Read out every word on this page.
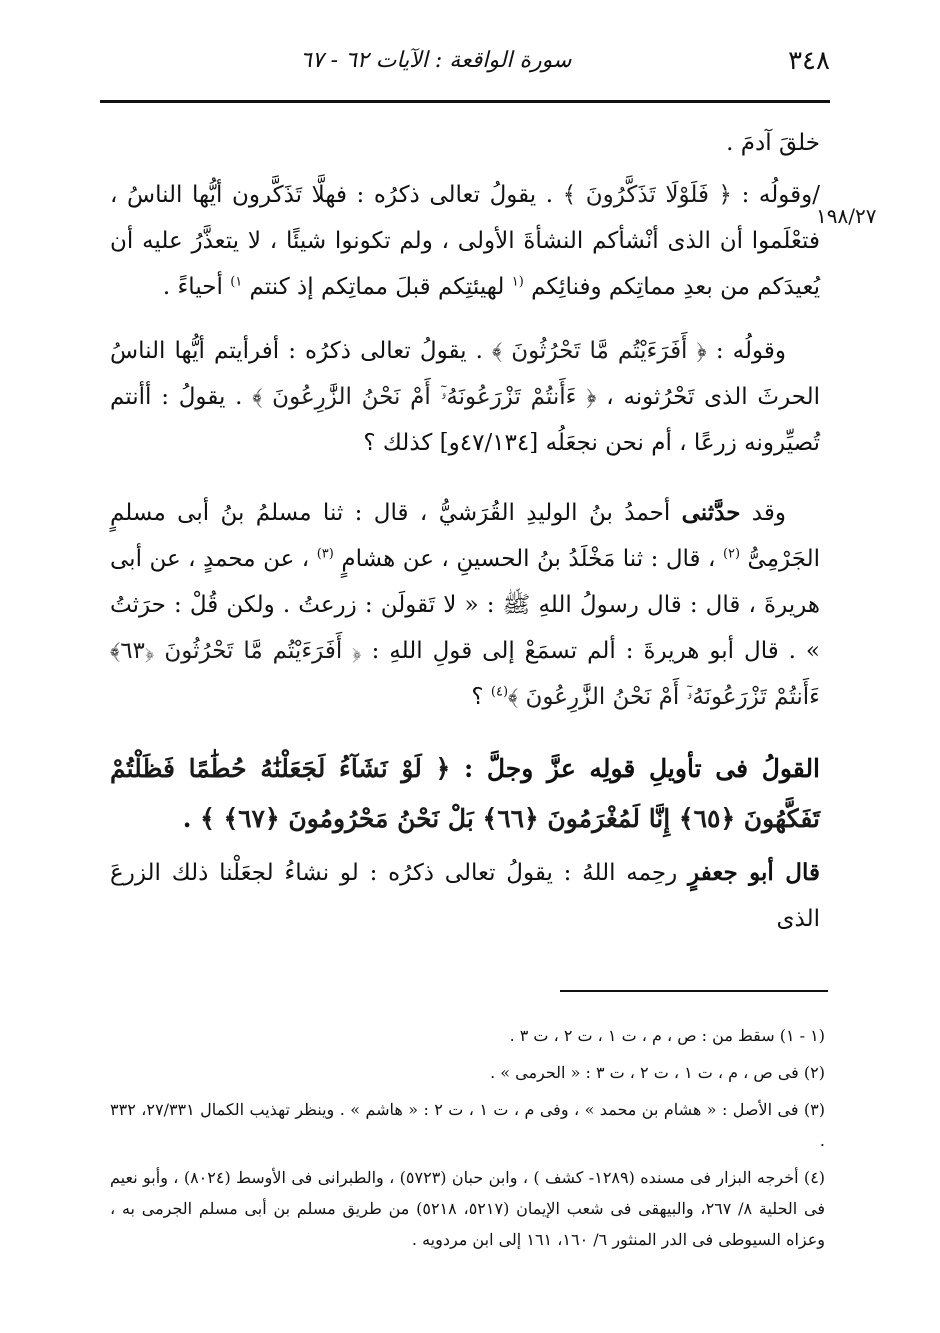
٣٤٨
سورة الواقعة : الآيات ٦٢ - ٦٧
١٩٨/٢٧

خلقَ آدمَ .

/وقولُه : ﴿ فَلَوْلَا تَذَكَّرُونَ ﴾ . يقولُ تعالى ذكرُه : فهلَّا تَذَكَّرون أيُّها الناسُ ، فتعْلَموا أن الذى أنْشأكم النشأةَ الأولى ، ولم تكونوا شيئًا ، لا يتعذَّرُ عليه أن يُعيدَكم من بعدِ مماتِكم وفنائِكم $^{(١}$ لهيئتِكم قبلَ مماتِكم إذ كنتم $^{١)}$ أحياءً .

وقولُه : ﴿ أَفَرَءَيْتُم مَّا تَحْرُثُونَ ﴾ . يقولُ تعالى ذكرُه : أفرأيتم أيُّها الناسُ الحرثَ الذى تَحْرُثونه ، ﴿ ءَأَنتُمْ تَزْرَعُونَهُۥٓ أَمْ نَحْنُ الزَّٰرِعُونَ ﴾ . يقولُ : أأنتم تُصيِّرونه زرعًا ، أم نحن نجعَلُه [٤٧/١٣٤و] كذلك ؟

وقد حدَّثنى أحمدُ بنُ الوليدِ القُرَشيُّ ، قال : ثنا مسلمُ بنُ أبى مسلمٍ الجَرْمِىُّ $^{(٢)}$ ، قال : ثنا مَخْلَدُ بنُ الحسينِ ، عن هشامٍ $^{(٣)}$ ، عن محمدٍ ، عن أبى هريرةَ ، قال : قال رسولُ اللهِ ﷺ : « لا تَقولَن : زرعتُ . ولكن قُلْ : حرَثتُ » . قال أبو هريرةَ : ألم تسمَعْ إلى قولِ اللهِ : ﴿ أَفَرَءَيْتُم مَّا تَحْرُثُونَ ﴿٦٣﴾ ءَأَنتُمْ تَزْرَعُونَهُۥٓ أَمْ نَحْنُ الزَّٰرِعُونَ ﴾$^{(٤)}$ ؟

القولُ فى تأويلِ قولِه عزَّ وجلَّ : ﴿ لَوْ نَشَآءُ لَجَعَلْنَٰهُ حُطَٰمًا فَظَلْتُمْ تَفَكَّهُونَ ﴿٦٥﴾ إِنَّا لَمُغْرَمُونَ ﴿٦٦﴾ بَلْ نَحْنُ مَحْرُومُونَ ﴿٦٧﴾ ﴾ .

قال أبو جعفرٍ رحِمه اللهُ : يقولُ تعالى ذكرُه : لو نشاءُ لجعَلْنا ذلك الزرعَ الذى

(١ - ١) سقط من : ص ، م ، ت ١ ، ت ٢ ، ت ٣ .

(٢) فى ص ، م ، ت ١ ، ت ٢ ، ت ٣ : « الحرمى » .

(٣) فى الأصل : « هشام بن محمد » ، وفى م ، ت ١ ، ت ٢ : « هاشم » . وينظر تهذيب الكمال ٢٧/٣٣١، ٣٣٢ .

(٤) أخرجه البزار فى مسنده (١٢٨٩- كشف ) ، وابن حبان (٥٧٢٣) ، والطبرانى فى الأوسط (٨٠٢٤) ، وأبو نعيم فى الحلية ٨/ ٢٦٧، والبيهقى فى شعب الإيمان (٥٢١٧، ٥٢١٨) من طريق مسلم بن أبى مسلم الجرمى به ، وعزاه السيوطى فى الدر المنثور ٦/ ١٦٠، ١٦١ إلى ابن مردويه .
